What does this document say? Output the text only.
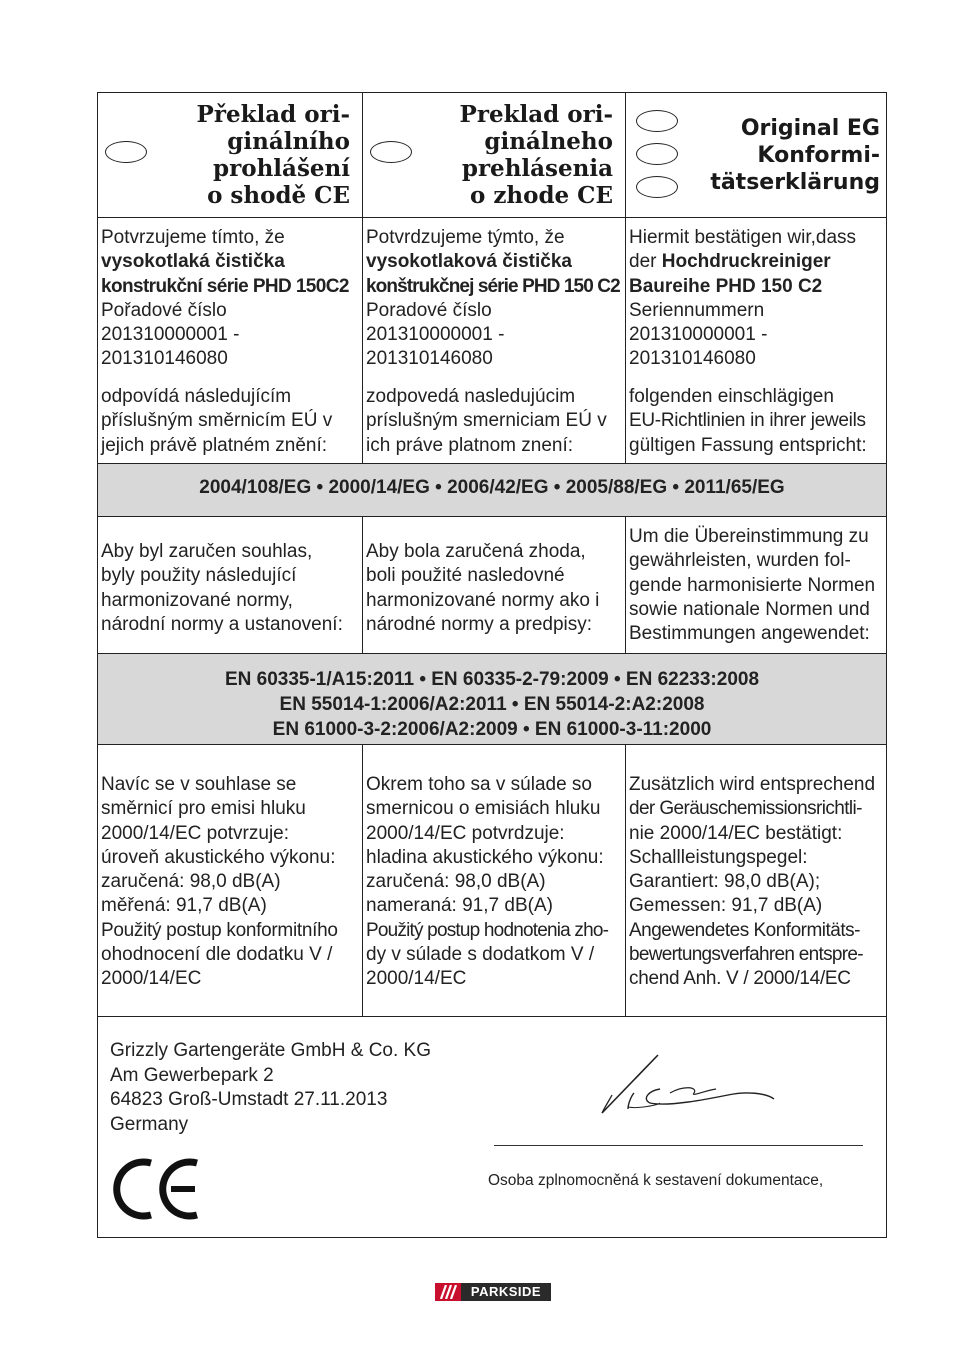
Překlad ori-
ginálního
prohlášení
o shodě CE
Preklad ori-
ginálneho
prehlásenia
o zhode CE
Original EG
Konformi-
tätserklärung
Potvrzujeme tímto, že
vysokotlaká čistička
konstrukční série PHD 150C2
Pořadové číslo
201310000001 -
201310146080
odpovídá následujícím
příslušným směrnicím EÚ v
jejich právě platném znění:
Potvrdzujeme týmto, že
vysokotlaková čistička
konštrukčnej série PHD 150 C2
Poradové číslo
201310000001 -
201310146080
zodpovedá nasledujúcim
príslušným smerniciam EÚ v
ich práve platnom znení:
Hiermit bestätigen wir,dass
der Hochdruckreiniger
Baureihe PHD 150 C2
Seriennummern
201310000001 -
201310146080
folgenden einschlägigen
EU-Richtlinien in ihrer jeweils
gültigen Fassung entspricht:
2004/108/EG • 2000/14/EG • 2006/42/EG • 2005/88/EG • 2011/65/EG
Aby byl zaručen souhlas,
byly použity následující
harmonizované normy,
národní normy a ustanovení:
Aby bola zaručená zhoda,
boli použité nasledovné
harmonizované normy ako i
národné normy a predpisy:
Um die Übereinstimmung zu
gewährleisten, wurden fol-
gende harmonisierte Normen
sowie nationale Normen und
Bestimmungen angewendet:
EN 60335-1/A15:2011 • EN 60335-2-79:2009 • EN 62233:2008
EN 55014-1:2006/A2:2011 • EN 55014-2:A2:2008
EN 61000-3-2:2006/A2:2009 • EN 61000-3-11:2000
Navíc se v souhlase se
směrnicí pro emisi hluku
2000/14/EC potvrzuje:
úroveň akustického výkonu:
zaručená: 98,0 dB(A)
měřená: 91,7 dB(A)
Použitý postup konformitního
ohodnocení dle dodatku V /
2000/14/EC
Okrem toho sa v súlade so
smernicou o emisiách hluku
2000/14/EC potvrdzuje:
hladina akustického výkonu:
zaručená: 98,0 dB(A)
nameraná: 91,7 dB(A)
Použitý postup hodnotenia zho-
dy v súlade s dodatkom V /
2000/14/EC
Zusätzlich wird entsprechend
der Geräuschemissionsrichtli-
nie 2000/14/EC bestätigt:
Schallleistungspegel:
Garantiert: 98,0 dB(A);
Gemessen: 91,7 dB(A)
Angewendetes Konformitäts-
bewertungsverfahren entspre-
chend Anh. V / 2000/14/EC
Grizzly Gartengeräte GmbH & Co. KG
Am Gewerbepark 2
64823 Groß-Umstadt 27.11.2013
Germany
Osoba zplnomocněná k sestavení dokumentace,
PARKSIDE
